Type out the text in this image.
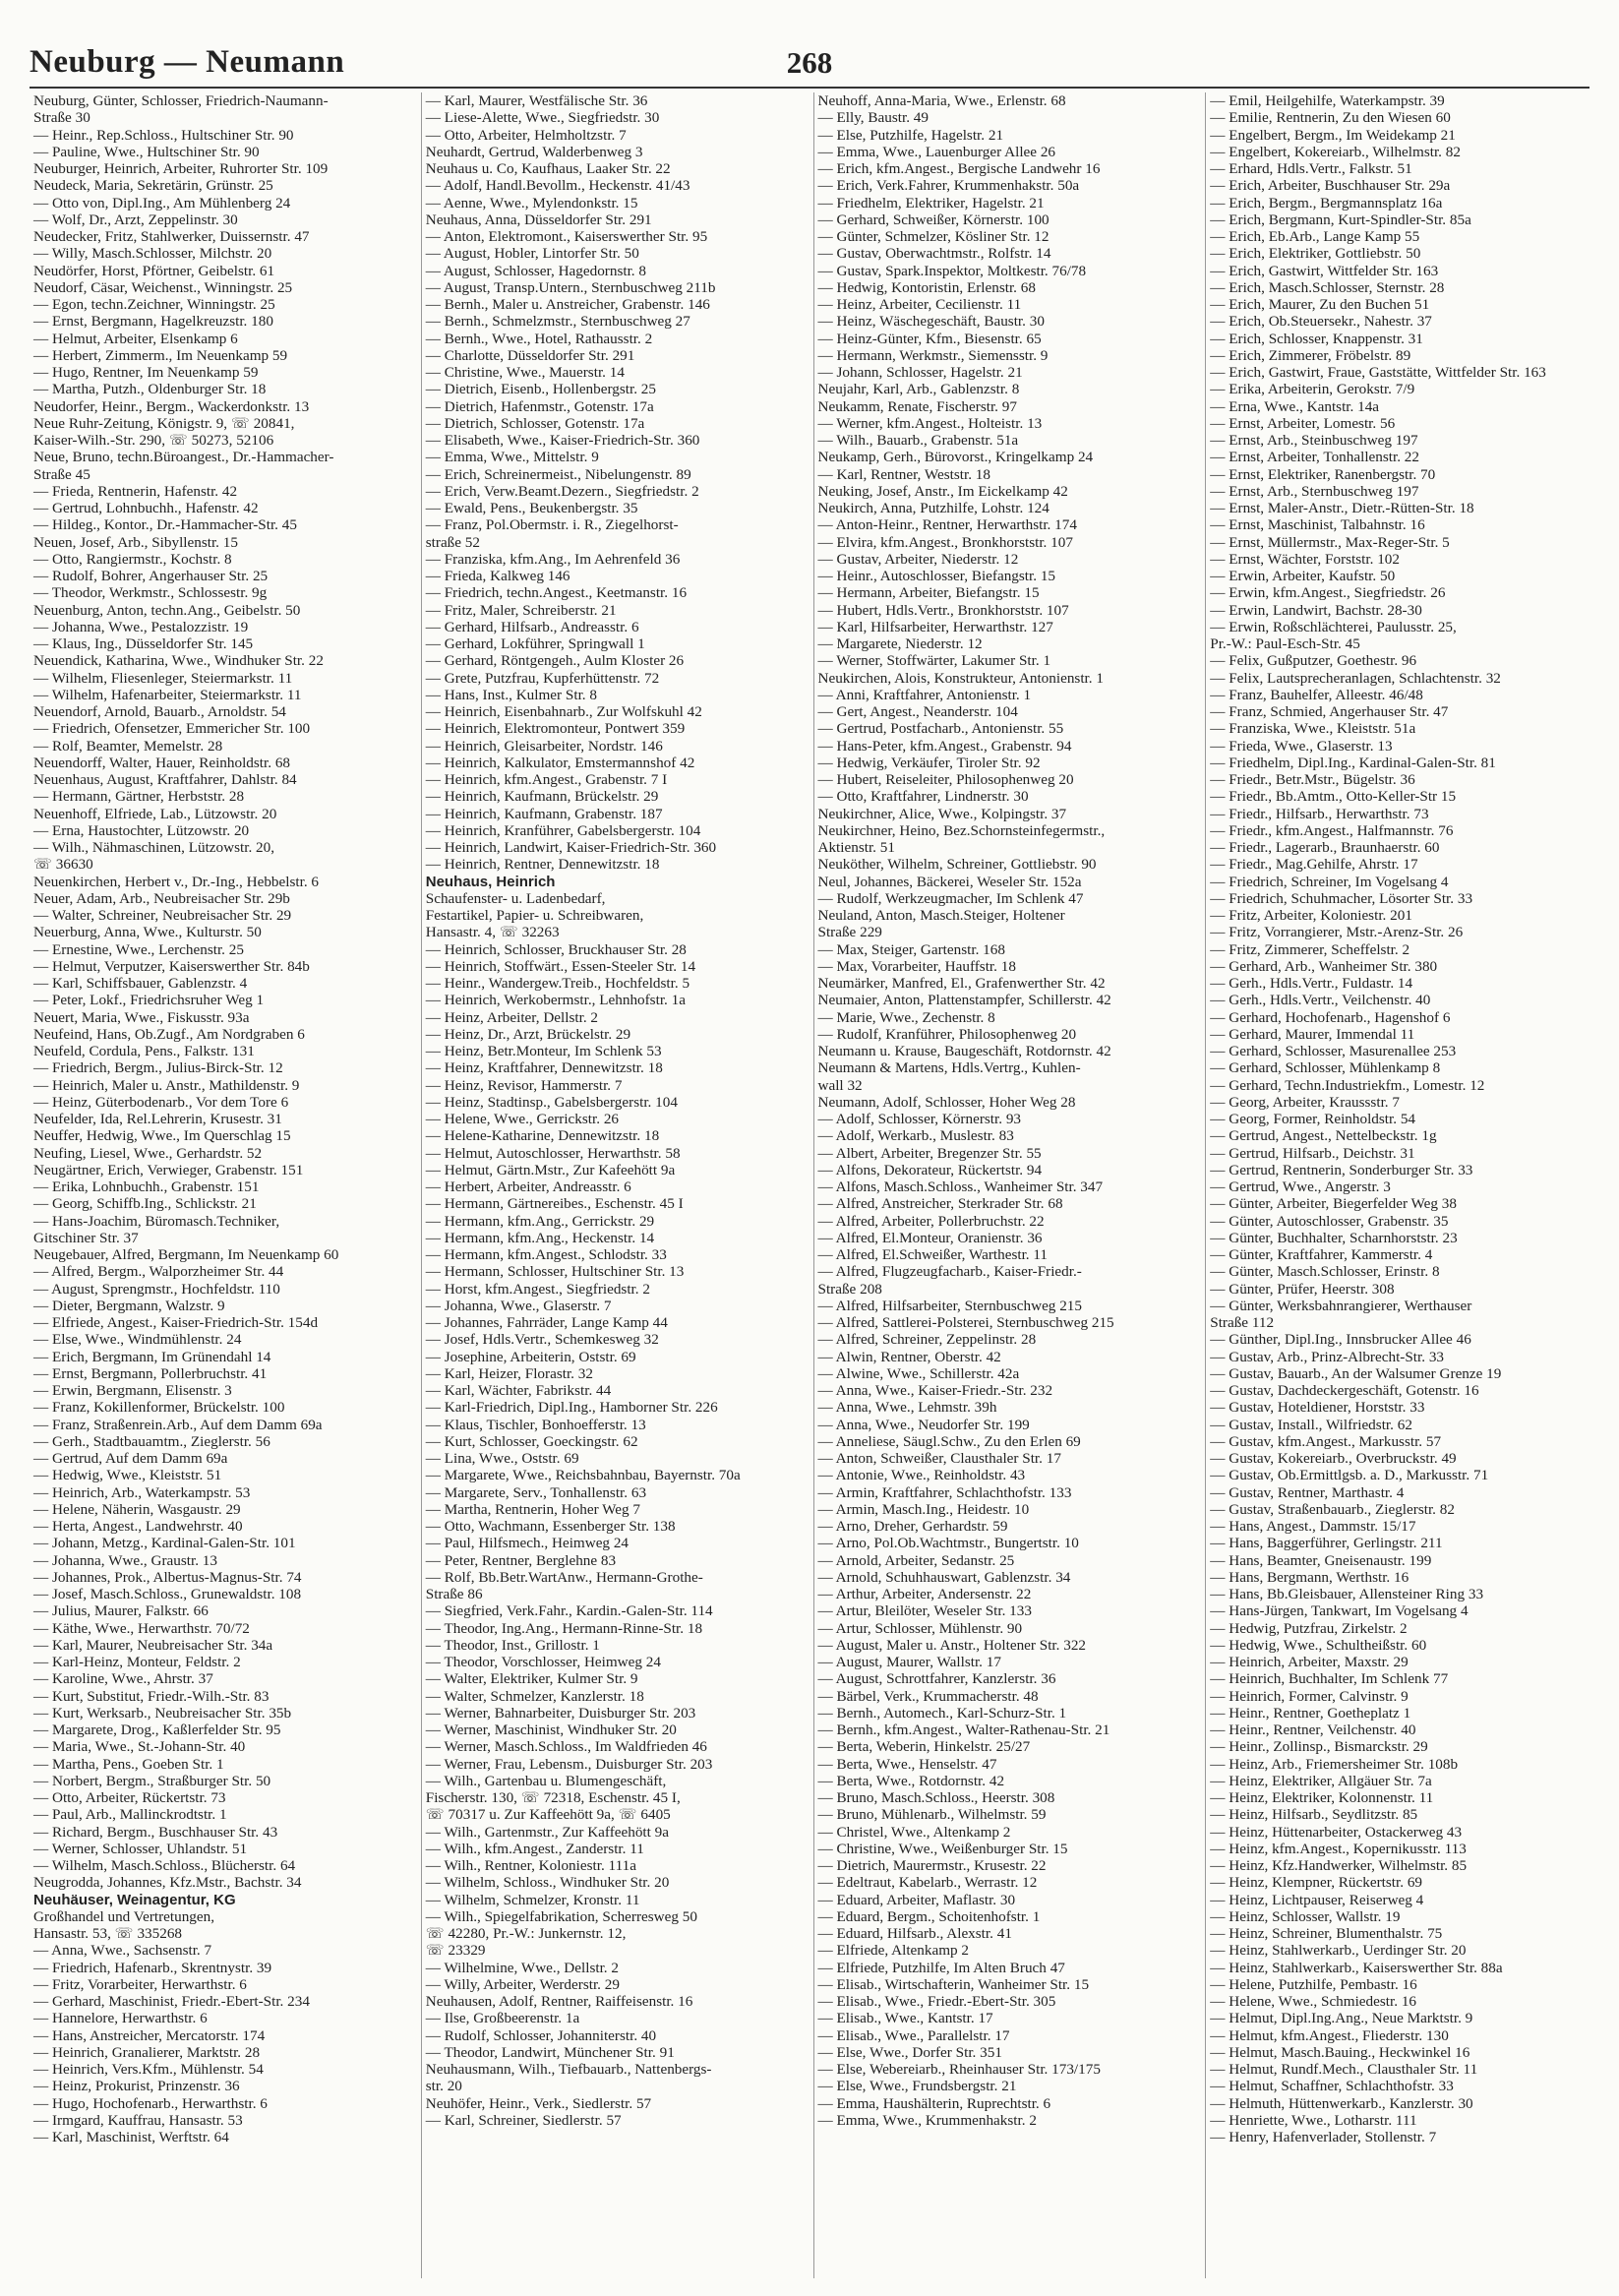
Neuburg — Neumann	268
Neuburg, Günter, Schlosser, Friedrich-Naumann-
Straße 30
— Heinr., Rep.Schloss., Hultschiner Str. 90
— Pauline, Wwe., Hultschiner Str. 90
Neuburger, Heinrich, Arbeiter, Ruhrorter Str. 109
Neudeck, Maria, Sekretärin, Grünstr. 25
— Otto von, Dipl.Ing., Am Mühlenberg 24
— Wolf, Dr., Arzt, Zeppelinstr. 30
Neudecker, Fritz, Stahlwerker, Duissernstr. 47
— Willy, Masch.Schlosser, Milchstr. 20
Neudörfer, Horst, Pförtner, Geibelstr. 61
Neudorf, Cäsar, Weichenst., Winningstr. 25
— Egon, techn.Zeichner, Winningstr. 25
— Ernst, Bergmann, Hagelkreuzstr. 180
— Helmut, Arbeiter, Elsenkamp 6
— Herbert, Zimmerm., Im Neuenkamp 59
— Hugo, Rentner, Im Neuenkamp 59
— Martha, Putzh., Oldenburger Str. 18
Neudorfer, Heinr., Bergm., Wackerdonkstr. 13
Neue Ruhr-Zeitung, Königstr. 9, ☏ 20841,
Kaiser-Wilh.-Str. 290, ☏ 50273, 52106
Neue, Bruno, techn.Büroangest., Dr.-Hammacher-
Straße 45
— Frieda, Rentnerin, Hafenstr. 42
— Gertrud, Lohnbuchh., Hafenstr. 42
— Hildeg., Kontor., Dr.-Hammacher-Str. 45
Neuen, Josef, Arb., Sibyllenstr. 15
— Otto, Rangiermstr., Kochstr. 8
— Rudolf, Bohrer, Angerhauser Str. 25
— Theodor, Werkmstr., Schlossestr. 9g
Neuenburg, Anton, techn.Ang., Geibelstr. 50
— Johanna, Wwe., Pestalozzistr. 19
— Klaus, Ing., Düsseldorfer Str. 145
Neuendick, Katharina, Wwe., Windhuker Str. 22
— Wilhelm, Fliesenleger, Steiermarkstr. 11
— Wilhelm, Hafenarbeiter, Steiermarkstr. 11
Neuendorf, Arnold, Bauarb., Arnoldstr. 54
— Friedrich, Ofensetzer, Emmericher Str. 100
— Rolf, Beamter, Memelstr. 28
Neuendorff, Walter, Hauer, Reinholdstr. 68
Neuenhaus, August, Kraftfahrer, Dahlstr. 84
— Hermann, Gärtner, Herbststr. 28
Neuenhoff, Elfriede, Lab., Lützowstr. 20
— Erna, Haustochter, Lützowstr. 20
— Wilh., Nähmaschinen, Lützowstr. 20,
☏ 36630
Neuenkirchen, Herbert v., Dr.-Ing., Hebbelstr. 6
Neuer, Adam, Arb., Neubreisacher Str. 29b
— Walter, Schreiner, Neubreisacher Str. 29
Neuerburg, Anna, Wwe., Kulturstr. 50
— Ernestine, Wwe., Lerchenstr. 25
— Helmut, Verputzer, Kaiserswerther Str. 84b
— Karl, Schiffsbauer, Gablenzstr. 4
— Peter, Lokf., Friedrichsruher Weg 1
Neuert, Maria, Wwe., Fiskusstr. 93a
Neufeind, Hans, Ob.Zugf., Am Nordgraben 6
Neufeld, Cordula, Pens., Falkstr. 131
— Friedrich, Bergm., Julius-Birck-Str. 12
— Heinrich, Maler u. Anstr., Mathildenstr. 9
— Heinz, Güterbodenarb., Vor dem Tore 6
Neufelder, Ida, Rel.Lehrerin, Krusestr. 31
Neuffer, Hedwig, Wwe., Im Querschlag 15
Neufing, Liesel, Wwe., Gerhardstr. 52
Neugärtner, Erich, Verwieger, Grabenstr. 151
— Erika, Lohnbuchh., Grabenstr. 151
— Georg, Schiffb.Ing., Schlickstr. 21
— Hans-Joachim, Büromasch.Techniker,
Gitschiner Str. 37
Neugebauer, Alfred, Bergmann, Im Neuenkamp 60
— Alfred, Bergm., Walporzheimer Str. 44
— August, Sprengmstr., Hochfeldstr. 110
— Dieter, Bergmann, Walzstr. 9
— Elfriede, Angest., Kaiser-Friedrich-Str. 154d
— Else, Wwe., Windmühlenstr. 24
— Erich, Bergmann, Im Grünendahl 14
— Ernst, Bergmann, Pollerbruchstr. 41
— Erwin, Bergmann, Elisenstr. 3
— Franz, Kokillenformer, Brückelstr. 100
— Franz, Straßenrein.Arb., Auf dem Damm 69a
— Gerh., Stadtbauamtm., Zieglerstr. 56
— Gertrud, Auf dem Damm 69a
— Hedwig, Wwe., Kleiststr. 51
— Heinrich, Arb., Waterkampstr. 53
— Helene, Näherin, Wasgaustr. 29
— Herta, Angest., Landwehrstr. 40
— Johann, Metzg., Kardinal-Galen-Str. 101
— Johanna, Wwe., Graustr. 13
— Johannes, Prok., Albertus-Magnus-Str. 74
— Josef, Masch.Schloss., Grunewaldstr. 108
— Julius, Maurer, Falkstr. 66
— Käthe, Wwe., Herwarthstr. 70/72
— Karl, Maurer, Neubreisacher Str. 34a
— Karl-Heinz, Monteur, Feldstr. 2
— Karoline, Wwe., Ahrstr. 37
— Kurt, Substitut, Friedr.-Wilh.-Str. 83
— Kurt, Werksarb., Neubreisacher Str. 35b
— Margarete, Drog., Kaßlerfelder Str. 95
— Maria, Wwe., St.-Johann-Str. 40
— Martha, Pens., Goeben Str. 1
— Norbert, Bergm., Straßburger Str. 50
— Otto, Arbeiter, Rückertstr. 73
— Paul, Arb., Mallinckrodtstr. 1
— Richard, Bergm., Buschhauser Str. 43
— Werner, Schlosser, Uhlandstr. 51
— Wilhelm, Masch.Schloss., Blücherstr. 64
Neugrodda, Johannes, Kfz.Mstr., Bachstr. 34
Neuhäuser, Weinagentur, KG
Großhandel und Vertretungen,
Hansastr. 53, ☏ 335268
— Anna, Wwe., Sachsenstr. 7
— Friedrich, Hafenarb., Skrentnystr. 39
— Fritz, Vorarbeiter, Herwarthstr. 6
— Gerhard, Maschinist, Friedr.-Ebert-Str. 234
— Hannelore, Herwarthstr. 6
— Hans, Anstreicher, Mercatorstr. 174
— Heinrich, Granalierer, Marktstr. 28
— Heinrich, Vers.Kfm., Mühlenstr. 54
— Heinz, Prokurist, Prinzenstr. 36
— Hugo, Hochofenarb., Herwarthstr. 6
— Irmgard, Kauffrau, Hansastr. 53
— Karl, Maschinist, Werftstr. 64
— Karl, Maurer, Westfälische Str. 36
— Liese-Alette, Wwe., Siegfriedstr. 30
— Otto, Arbeiter, Helmholtzstr. 7
Neuhardt, Gertrud, Walderbenweg 3
Neuhaus u. Co, Kaufhaus, Laaker Str. 22
— Adolf, Handl.Bevollm., Heckenstr. 41/43
— Aenne, Wwe., Mylendonkstr. 15
Neuhaus, Anna, Düsseldorfer Str. 291
— Anton, Elektromont., Kaiserswerther Str. 95
— August, Hobler, Lintorfer Str. 50
— August, Schlosser, Hagedornstr. 8
— August, Transp.Untern., Sternbuschweg 211b
— Bernh., Maler u. Anstreicher, Grabenstr. 146
— Bernh., Schmelzmstr., Sternbuschweg 27
— Bernh., Wwe., Hotel, Rathausstr. 2
— Charlotte, Düsseldorfer Str. 291
— Christine, Wwe., Mauerstr. 14
— Dietrich, Eisenb., Hollenbergstr. 25
— Dietrich, Hafenmstr., Gotenstr. 17a
— Dietrich, Schlosser, Gotenstr. 17a
— Elisabeth, Wwe., Kaiser-Friedrich-Str. 360
— Emma, Wwe., Mittelstr. 9
— Erich, Schreinermeist., Nibelungenstr. 89
— Erich, Verw.Beamt.Dezern., Siegfriedstr. 2
— Ewald, Pens., Beukenbergstr. 35
— Franz, Pol.Obermstr. i. R., Ziegelhorst-
straße 52
— Franziska, kfm.Ang., Im Aehrenfeld 36
— Frieda, Kalkweg 146
— Friedrich, techn.Angest., Keetmanstr. 16
— Fritz, Maler, Schreiberstr. 21
— Gerhard, Hilfsarb., Andreasstr. 6
— Gerhard, Lokführer, Springwall 1
— Gerhard, Röntgengeh., Aulm Kloster 26
— Grete, Putzfrau, Kupferhüttenstr. 72
— Hans, Inst., Kulmer Str. 8
— Heinrich, Eisenbahnarb., Zur Wolfskuhl 42
— Heinrich, Elektromonteur, Pontwert 359
— Heinrich, Gleisarbeiter, Nordstr. 146
— Heinrich, Kalkulator, Emstermannshof 42
— Heinrich, kfm.Angest., Grabenstr. 7 I
— Heinrich, Kaufmann, Brückelstr. 29
— Heinrich, Kaufmann, Grabenstr. 187
— Heinrich, Kranführer, Gabelsbergerstr. 104
— Heinrich, Landwirt, Kaiser-Friedrich-Str. 360
— Heinrich, Rentner, Dennewitzstr. 18
Neuhaus, Heinrich
Schaufenster- u. Ladenbedarf,
Festartikel, Papier- u. Schreibwaren,
Hansastr. 4, ☏ 32263
— Heinrich, Schlosser, Bruckhauser Str. 28
— Heinrich, Stoffwärt., Essen-Steeler Str. 14
— Heinr., Wandergew.Treib., Hochfeldstr. 5
— Heinrich, Werkobermstr., Lehnhofstr. 1a
— Heinz, Arbeiter, Dellstr. 2
— Heinz, Dr., Arzt, Brückelstr. 29
— Heinz, Betr.Monteur, Im Schlenk 53
— Heinz, Kraftfahrer, Dennewitzstr. 18
— Heinz, Revisor, Hammerstr. 7
— Heinz, Stadtinsp., Gabelsbergerstr. 104
— Helene, Wwe., Gerrickstr. 26
— Helene-Katharine, Dennewitzstr. 18
— Helmut, Autoschlosser, Herwarthstr. 58
— Helmut, Gärtn.Mstr., Zur Kafeehött 9a
— Herbert, Arbeiter, Andreasstr. 6
— Hermann, Gärtnereibes., Eschenstr. 45 I
— Hermann, kfm.Ang., Gerrickstr. 29
— Hermann, kfm.Ang., Heckenstr. 14
— Hermann, kfm.Angest., Schlodstr. 33
— Hermann, Schlosser, Hultschiner Str. 13
— Horst, kfm.Angest., Siegfriedstr. 2
— Johanna, Wwe., Glaserstr. 7
— Johannes, Fahrräder, Lange Kamp 44
— Josef, Hdls.Vertr., Schemkesweg 32
— Josephine, Arbeiterin, Oststr. 69
— Karl, Heizer, Florastr. 32
— Karl, Wächter, Fabrikstr. 44
— Karl-Friedrich, Dipl.Ing., Hamborner Str. 226
— Klaus, Tischler, Bonhoefferstr. 13
— Kurt, Schlosser, Goeckingstr. 62
— Lina, Wwe., Oststr. 69
— Margarete, Wwe., Reichsbahnbau, Bayernstr. 70a
— Margarete, Serv., Tonhallenstr. 63
— Martha, Rentnerin, Hoher Weg 7
— Otto, Wachmann, Essenberger Str. 138
— Paul, Hilfsmech., Heimweg 24
— Peter, Rentner, Berglehne 83
— Rolf, Bb.Betr.WartAnw., Hermann-Grothe-
Straße 86
— Siegfried, Verk.Fahr., Kardin.-Galen-Str. 114
— Theodor, Ing.Ang., Hermann-Rinne-Str. 18
— Theodor, Inst., Grillostr. 1
— Theodor, Vorschlosser, Heimweg 24
— Walter, Elektriker, Kulmer Str. 9
— Walter, Schmelzer, Kanzlerstr. 18
— Werner, Bahnarbeiter, Duisburger Str. 203
— Werner, Maschinist, Windhuker Str. 20
— Werner, Masch.Schloss., Im Waldfrieden 46
— Werner, Frau, Lebensm., Duisburger Str. 203
— Wilh., Gartenbau u. Blumengeschäft,
Fischerstr. 130, ☏ 72318, Eschenstr. 45 I,
☏ 70317 u. Zur Kaffeehött 9a, ☏ 6405
— Wilh., Gartenmstr., Zur Kaffeehött 9a
— Wilh., kfm.Angest., Zanderstr. 11
— Wilh., Rentner, Koloniestr. 111a
— Wilhelm, Schloss., Windhuker Str. 20
— Wilhelm, Schmelzer, Kronstr. 11
— Wilh., Spiegelfabrikation, Scherresweg 50
☏ 42280, Pr.-W.: Junkernstr. 12,
☏ 23329
— Wilhelmine, Wwe., Dellstr. 2
— Willy, Arbeiter, Werderstr. 29
Neuhausen, Adolf, Rentner, Raiffeisenstr. 16
— Ilse, Großbeerenstr. 1a
— Rudolf, Schlosser, Johanniterstr. 40
— Theodor, Landwirt, Münchener Str. 91
Neuhausmann, Wilh., Tiefbauarb., Nattenbergs-
str. 20
Neuhöfer, Heinr., Verk., Siedlerstr. 57
— Karl, Schreiner, Siedlerstr. 57
Neuhoff, Anna-Maria, Wwe., Erlenstr. 68
— Elly, Baustr. 49
— Else, Putzhilfe, Hagelstr. 21
— Emma, Wwe., Lauenburger Allee 26
— Erich, kfm.Angest., Bergische Landwehr 16
— Erich, Verk.Fahrer, Krummenhakstr. 50a
— Friedhelm, Elektriker, Hagelstr. 21
— Gerhard, Schweißer, Körnerstr. 100
— Günter, Schmelzer, Kösliner Str. 12
— Gustav, Oberwachtmstr., Rolfstr. 14
— Gustav, Spark.Inspektor, Moltkestr. 76/78
— Hedwig, Kontoristin, Erlenstr. 68
— Heinz, Arbeiter, Cecilienstr. 11
— Heinz, Wäschegeschäft, Baustr. 30
— Heinz-Günter, Kfm., Biesenstr. 65
— Hermann, Werkmstr., Siemensstr. 9
— Johann, Schlosser, Hagelstr. 21
Neujahr, Karl, Arb., Gablenzstr. 8
Neukamm, Renate, Fischerstr. 97
— Werner, kfm.Angest., Holteistr. 13
— Wilh., Bauarb., Grabenstr. 51a
Neukamp, Gerh., Bürovorst., Kringelkamp 24
— Karl, Rentner, Weststr. 18
Neuking, Josef, Anstr., Im Eickelkamp 42
Neukirch, Anna, Putzhilfe, Lohstr. 124
— Anton-Heinr., Rentner, Herwarthstr. 174
— Elvira, kfm.Angest., Bronkhorststr. 107
— Gustav, Arbeiter, Niederstr. 12
— Heinr., Autoschlosser, Biefangstr. 15
— Hermann, Arbeiter, Biefangstr. 15
— Hubert, Hdls.Vertr., Bronkhorststr. 107
— Karl, Hilfsarbeiter, Herwarthstr. 127
— Margarete, Niederstr. 12
— Werner, Stoffwärter, Lakumer Str. 1
Neukirchen, Alois, Konstrukteur, Antonienstr. 1
— Anni, Kraftfahrer, Antonienstr. 1
— Gert, Angest., Neanderstr. 104
— Gertrud, Postfacharb., Antonienstr. 55
— Hans-Peter, kfm.Angest., Grabenstr. 94
— Hedwig, Verkäufer, Tiroler Str. 92
— Hubert, Reiseleiter, Philosophenweg 20
— Otto, Kraftfahrer, Lindnerstr. 30
Neukirchner, Alice, Wwe., Kolpingstr. 37
Neukirchner, Heino, Bez.Schornsteinfegermstr.,
Aktienstr. 51
Neuköther, Wilhelm, Schreiner, Gottliebstr. 90
Neul, Johannes, Bäckerei, Weseler Str. 152a
— Rudolf, Werkzeugmacher, Im Schlenk 47
Neuland, Anton, Masch.Steiger, Holtener
Straße 229
— Max, Steiger, Gartenstr. 168
— Max, Vorarbeiter, Hauffstr. 18
Neumärker, Manfred, El., Grafenwerther Str. 42
Neumaier, Anton, Plattenstampfer, Schillerstr. 42
— Marie, Wwe., Zechenstr. 8
— Rudolf, Kranführer, Philosophenweg 20
Neumann u. Krause, Baugeschäft, Rotdornstr. 42
Neumann & Martens, Hdls.Vertrg., Kuhlen-
wall 32
Neumann, Adolf, Schlosser, Hoher Weg 28
— Adolf, Schlosser, Körnerstr. 93
— Adolf, Werkarb., Muslestr. 83
— Albert, Arbeiter, Bregenzer Str. 55
— Alfons, Dekorateur, Rückertstr. 94
— Alfons, Masch.Schloss., Wanheimer Str. 347
— Alfred, Anstreicher, Sterkrader Str. 68
— Alfred, Arbeiter, Pollerbruchstr. 22
— Alfred, El.Monteur, Oranienstr. 36
— Alfred, El.Schweißer, Warthestr. 11
— Alfred, Flugzeugfacharb., Kaiser-Friedr.-
Straße 208
— Alfred, Hilfsarbeiter, Sternbuschweg 215
— Alfred, Sattlerei-Polsterei, Sternbuschweg 215
— Alfred, Schreiner, Zeppelinstr. 28
— Alwin, Rentner, Oberstr. 42
— Alwine, Wwe., Schillerstr. 42a
— Anna, Wwe., Kaiser-Friedr.-Str. 232
— Anna, Wwe., Lehmstr. 39h
— Anna, Wwe., Neudorfer Str. 199
— Anneliese, Säugl.Schw., Zu den Erlen 69
— Anton, Schweißer, Clausthaler Str. 17
— Antonie, Wwe., Reinholdstr. 43
— Armin, Kraftfahrer, Schlachthofstr. 133
— Armin, Masch.Ing., Heidestr. 10
— Arno, Dreher, Gerhardstr. 59
— Arno, Pol.Ob.Wachtmstr., Bungertstr. 10
— Arnold, Arbeiter, Sedanstr. 25
— Arnold, Schuhhauswart, Gablenzstr. 34
— Arthur, Arbeiter, Andersenstr. 22
— Artur, Bleilöter, Weseler Str. 133
— Artur, Schlosser, Mühlenstr. 90
— August, Maler u. Anstr., Holtener Str. 322
— August, Maurer, Wallstr. 17
— August, Schrottfahrer, Kanzlerstr. 36
— Bärbel, Verk., Krummacherstr. 48
— Bernh., Automech., Karl-Schurz-Str. 1
— Bernh., kfm.Angest., Walter-Rathenau-Str. 21
— Berta, Weberin, Hinkelstr. 25/27
— Berta, Wwe., Henselstr. 47
— Berta, Wwe., Rotdornstr. 42
— Bruno, Masch.Schloss., Heerstr. 308
— Bruno, Mühlenarb., Wilhelmstr. 59
— Christel, Wwe., Altenkamp 2
— Christine, Wwe., Weißenburger Str. 15
— Dietrich, Maurermstr., Krusestr. 22
— Edeltraut, Kabelarb., Werrastr. 12
— Eduard, Arbeiter, Maflastr. 30
— Eduard, Bergm., Schoitenhofstr. 1
— Eduard, Hilfsarb., Alexstr. 41
— Elfriede, Altenkamp 2
— Elfriede, Putzhilfe, Im Alten Bruch 47
— Elisab., Wirtschafterin, Wanheimer Str. 15
— Elisab., Wwe., Friedr.-Ebert-Str. 305
— Elisab., Wwe., Kantstr. 17
— Elisab., Wwe., Parallelstr. 17
— Else, Wwe., Dorfer Str. 351
— Else, Webereiarb., Rheinhauser Str. 173/175
— Else, Wwe., Frundsbergstr. 21
— Emma, Haushälterin, Ruprechtstr. 6
— Emma, Wwe., Krummenhakstr. 2
— Emil, Heilgehilfe, Waterkampstr. 39
— Emilie, Rentnerin, Zu den Wiesen 60
— Engelbert, Bergm., Im Weidekamp 21
— Engelbert, Kokereiarb., Wilhelmstr. 82
— Erhard, Hdls.Vertr., Falkstr. 51
— Erich, Arbeiter, Buschhauser Str. 29a
— Erich, Bergm., Bergmannsplatz 16a
— Erich, Bergmann, Kurt-Spindler-Str. 85a
— Erich, Eb.Arb., Lange Kamp 55
— Erich, Elektriker, Gottliebstr. 50
— Erich, Gastwirt, Wittfelder Str. 163
— Erich, Masch.Schlosser, Sternstr. 28
— Erich, Maurer, Zu den Buchen 51
— Erich, Ob.Steuersekr., Nahestr. 37
— Erich, Schlosser, Knappenstr. 31
— Erich, Zimmerer, Fröbelstr. 89
— Erich, Gastwirt, Fraue, Gaststätte, Wittfelder Str. 163
— Erika, Arbeiterin, Gerokstr. 7/9
— Erna, Wwe., Kantstr. 14a
— Ernst, Arbeiter, Lomestr. 56
— Ernst, Arb., Steinbuschweg 197
— Ernst, Arbeiter, Tonhallenstr. 22
— Ernst, Elektriker, Ranenbergstr. 70
— Ernst, Arb., Sternbuschweg 197
— Ernst, Maler-Anstr., Dietr.-Rütten-Str. 18
— Ernst, Maschinist, Talbahnstr. 16
— Ernst, Müllermstr., Max-Reger-Str. 5
— Ernst, Wächter, Forststr. 102
— Erwin, Arbeiter, Kaufstr. 50
— Erwin, kfm.Angest., Siegfriedstr. 26
— Erwin, Landwirt, Bachstr. 28-30
— Erwin, Roßschlächterei, Paulusstr. 25,
Pr.-W.: Paul-Esch-Str. 45
— Felix, Gußputzer, Goethestr. 96
— Felix, Lautsprecheranlagen, Schlachtenstr. 32
— Franz, Bauhelfer, Alleestr. 46/48
— Franz, Schmied, Angerhauser Str. 47
— Franziska, Wwe., Kleiststr. 51a
— Frieda, Wwe., Glaserstr. 13
— Friedhelm, Dipl.Ing., Kardinal-Galen-Str. 81
— Friedr., Betr.Mstr., Bügelstr. 36
— Friedr., Bb.Amtm., Otto-Keller-Str 15
— Friedr., Hilfsarb., Herwarthstr. 73
— Friedr., kfm.Angest., Halfmannstr. 76
— Friedr., Lagerarb., Braunhaerstr. 60
— Friedr., Mag.Gehilfe, Ahrstr. 17
— Friedrich, Schreiner, Im Vogelsang 4
— Friedrich, Schuhmacher, Lösorter Str. 33
— Fritz, Arbeiter, Koloniestr. 201
— Fritz, Vorrangierer, Mstr.-Arenz-Str. 26
— Fritz, Zimmerer, Scheffelstr. 2
— Gerhard, Arb., Wanheimer Str. 380
— Gerh., Hdls.Vertr., Fuldastr. 14
— Gerh., Hdls.Vertr., Veilchenstr. 40
— Gerhard, Hochofenarb., Hagenshof 6
— Gerhard, Maurer, Immendal 11
— Gerhard, Schlosser, Masurenallee 253
— Gerhard, Schlosser, Mühlenkamp 8
— Gerhard, Techn.Industriekfm., Lomestr. 12
— Georg, Arbeiter, Kraussstr. 7
— Georg, Former, Reinholdstr. 54
— Gertrud, Angest., Nettelbeckstr. 1g
— Gertrud, Hilfsarb., Deichstr. 31
— Gertrud, Rentnerin, Sonderburger Str. 33
— Gertrud, Wwe., Angerstr. 3
— Günter, Arbeiter, Biegerfelder Weg 38
— Günter, Autoschlosser, Grabenstr. 35
— Günter, Buchhalter, Scharnhorststr. 23
— Günter, Kraftfahrer, Kammerstr. 4
— Günter, Masch.Schlosser, Erinstr. 8
— Günter, Prüfer, Heerstr. 308
— Günter, Werksbahnrangierer, Werthauser
Straße 112
— Günther, Dipl.Ing., Innsbrucker Allee 46
— Gustav, Arb., Prinz-Albrecht-Str. 33
— Gustav, Bauarb., An der Walsumer Grenze 19
— Gustav, Dachdeckergeschäft, Gotenstr. 16
— Gustav, Hoteldiener, Horststr. 33
— Gustav, Install., Wilfriedstr. 62
— Gustav, kfm.Angest., Markusstr. 57
— Gustav, Kokereiarb., Overbruckstr. 49
— Gustav, Ob.Ermittlgsb. a. D., Markusstr. 71
— Gustav, Rentner, Marthastr. 4
— Gustav, Straßenbauarb., Zieglerstr. 82
— Hans, Angest., Dammstr. 15/17
— Hans, Baggerführer, Gerlingstr. 211
— Hans, Beamter, Gneisenaustr. 199
— Hans, Bergmann, Werthstr. 16
— Hans, Bb.Gleisbauer, Allensteiner Ring 33
— Hans-Jürgen, Tankwart, Im Vogelsang 4
— Hedwig, Putzfrau, Zirkelstr. 2
— Hedwig, Wwe., Schultheißstr. 60
— Heinrich, Arbeiter, Maxstr. 29
— Heinrich, Buchhalter, Im Schlenk 77
— Heinrich, Former, Calvinstr. 9
— Heinr., Rentner, Goetheplatz 1
— Heinr., Rentner, Veilchenstr. 40
— Heinr., Zollinsp., Bismarckstr. 29
— Heinz, Arb., Friemersheimer Str. 108b
— Heinz, Elektriker, Allgäuer Str. 7a
— Heinz, Elektriker, Kolonnenstr. 11
— Heinz, Hilfsarb., Seydlitzstr. 85
— Heinz, Hüttenarbeiter, Ostackerweg 43
— Heinz, kfm.Angest., Kopernikusstr. 113
— Heinz, Kfz.Handwerker, Wilhelmstr. 85
— Heinz, Klempner, Rückertstr. 69
— Heinz, Lichtpauser, Reiserweg 4
— Heinz, Schlosser, Wallstr. 19
— Heinz, Schreiner, Blumenthalstr. 75
— Heinz, Stahlwerkarb., Uerdinger Str. 20
— Heinz, Stahlwerkarb., Kaiserswerther Str. 88a
— Helene, Putzhilfe, Pembastr. 16
— Helene, Wwe., Schmiedestr. 16
— Helmut, Dipl.Ing.Ang., Neue Marktstr. 9
— Helmut, kfm.Angest., Fliederstr. 130
— Helmut, Masch.Bauing., Heckwinkel 16
— Helmut, Rundf.Mech., Clausthaler Str. 11
— Helmut, Schaffner, Schlachthofstr. 33
— Helmuth, Hüttenwerkarb., Kanzlerstr. 30
— Henriette, Wwe., Lotharstr. 111
— Henry, Hafenverlader, Stollenstr. 7
